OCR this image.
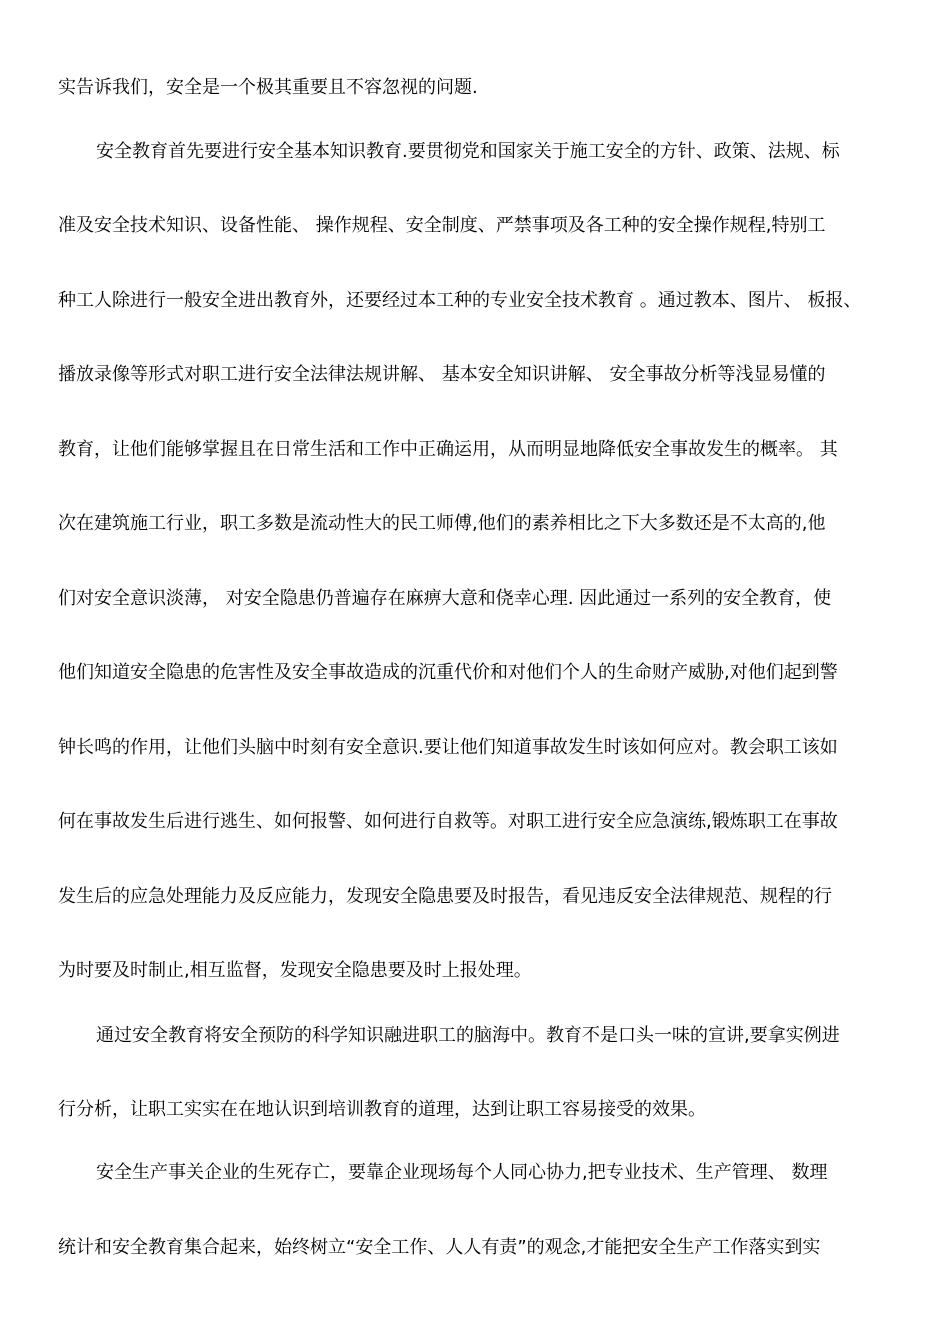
实告诉我们，安全是一个极其重要且不容忽视的问题.
安全教育首先要进行安全基本知识教育.要贯彻党和国家关于施工安全的方针、政策、法规、标
准及安全技术知识、设备性能、 操作规程、安全制度、严禁事项及各工种的安全操作规程,特别工
种工人除进行一般安全进出教育外，还要经过本工种的专业安全技术教育 。通过教本、图片、 板报、
播放录像等形式对职工进行安全法律法规讲解、 基本安全知识讲解、 安全事故分析等浅显易懂的
教育，让他们能够掌握且在日常生活和工作中正确运用，从而明显地降低安全事故发生的概率。 其
次在建筑施工行业，职工多数是流动性大的民工师傅,他们的素养相比之下大多数还是不太高的,他
们对安全意识淡薄， 对安全隐患仍普遍存在麻痹大意和侥幸心理. 因此通过一系列的安全教育，使
他们知道安全隐患的危害性及安全事故造成的沉重代价和对他们个人的生命财产威胁,对他们起到警
钟长鸣的作用，让他们头脑中时刻有安全意识.要让他们知道事故发生时该如何应对。教会职工该如
何在事故发生后进行逃生、如何报警、如何进行自救等。对职工进行安全应急演练,锻炼职工在事故
发生后的应急处理能力及反应能力，发现安全隐患要及时报告，看见违反安全法律规范、规程的行
为时要及时制止,相互监督，发现安全隐患要及时上报处理。
通过安全教育将安全预防的科学知识融进职工的脑海中。教育不是口头一味的宣讲,要拿实例进
行分析，让职工实实在在地认识到培训教育的道理，达到让职工容易接受的效果。
安全生产事关企业的生死存亡，要靠企业现场每个人同心协力,把专业技术、生产管理、 数理
统计和安全教育集合起来，始终树立“安全工作、人人有责”的观念,才能把安全生产工作落实到实
